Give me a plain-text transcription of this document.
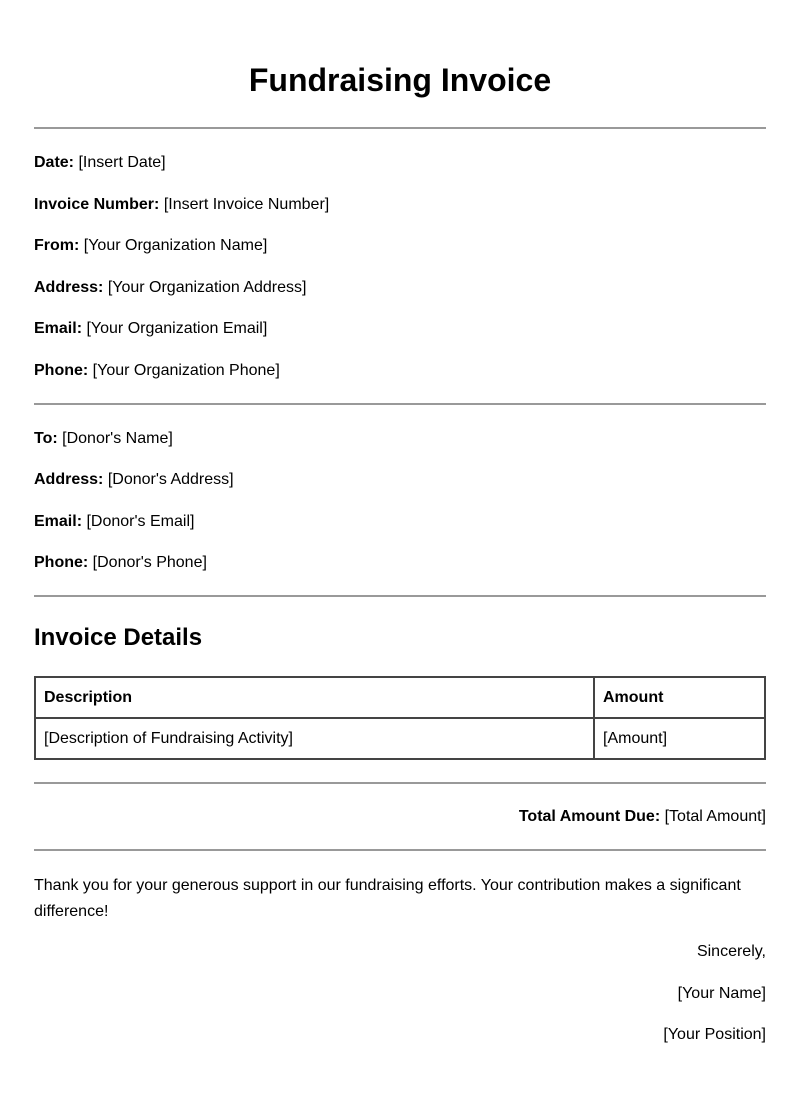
Fundraising Invoice
Date: [Insert Date]
Invoice Number: [Insert Invoice Number]
From: [Your Organization Name]
Address: [Your Organization Address]
Email: [Your Organization Email]
Phone: [Your Organization Phone]
To: [Donor's Name]
Address: [Donor's Address]
Email: [Donor's Email]
Phone: [Donor's Phone]
Invoice Details
Description	Amount
[Description of Fundraising Activity]	[Amount]
Total Amount Due: [Total Amount]
Thank you for your generous support in our fundraising efforts. Your contribution makes a significant difference!
Sincerely,
[Your Name]
[Your Position]
